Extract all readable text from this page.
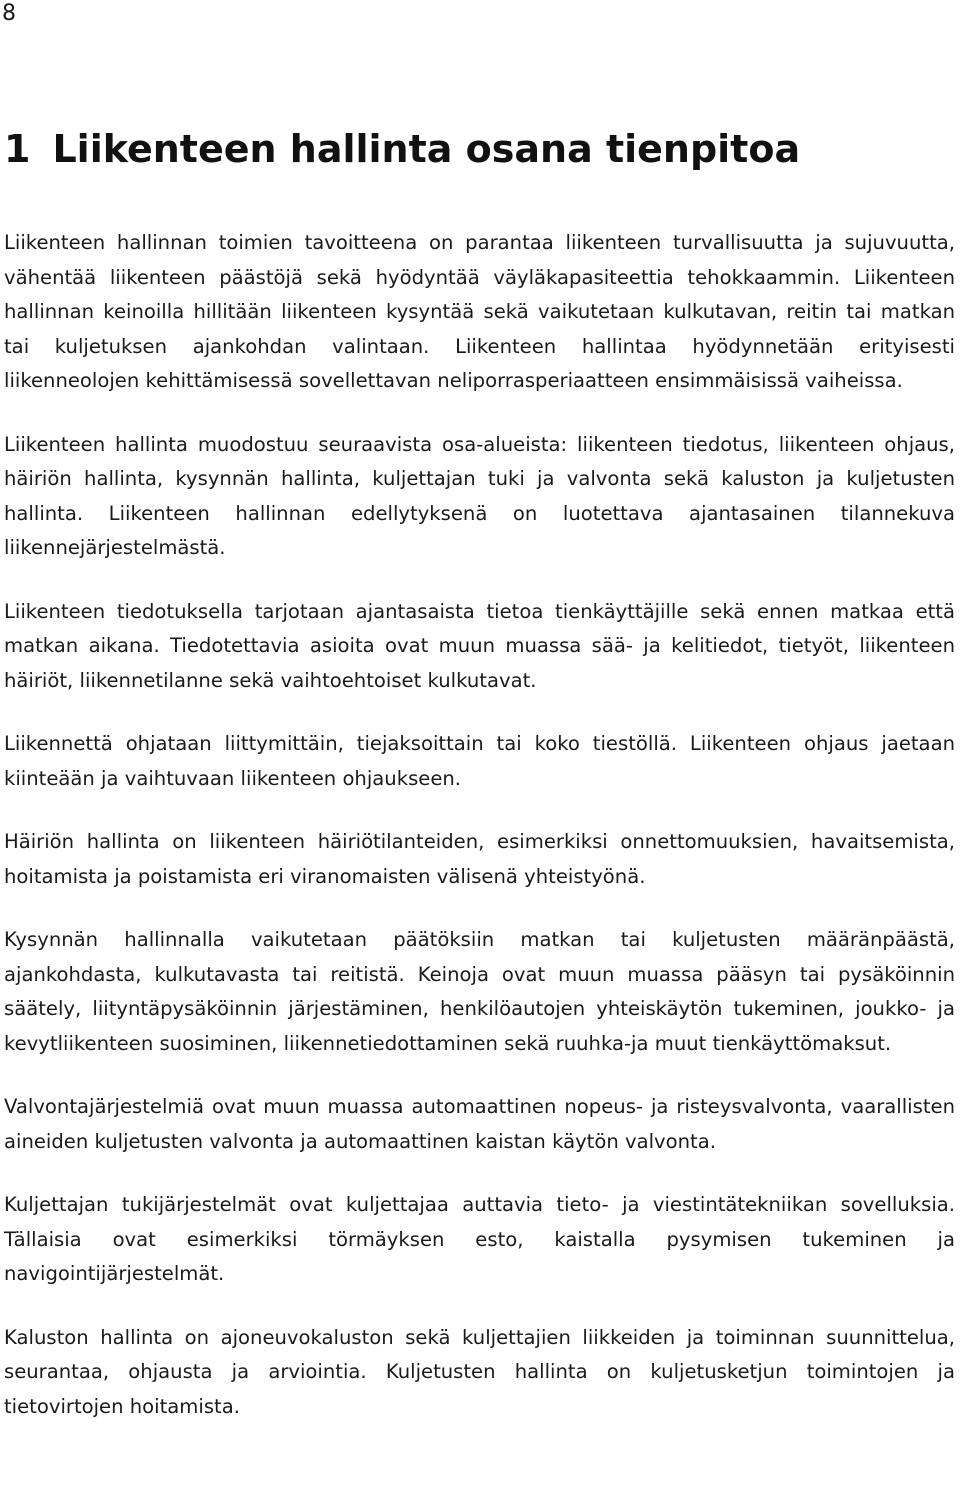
8
1 Liikenteen hallinta osana tienpitoa

Liikenteen hallinnan toimien tavoitteena on parantaa liikenteen turvallisuutta ja sujuvuutta, vähentää liikenteen päästöjä sekä hyödyntää väyläkapasiteettia tehokkaammin. Liikenteen hallinnan keinoilla hillitään liikenteen kysyntää sekä vaikutetaan kulkutavan, reitin tai matkan tai kuljetuksen ajankohdan valintaan. Liikenteen hallintaa hyödynnetään erityisesti liikenneolojen kehittämisessä sovellettavan neliporrasperiaatteen ensimmäisissä vaiheissa.

Liikenteen hallinta muodostuu seuraavista osa-alueista: liikenteen tiedotus, liikenteen ohjaus, häiriön hallinta, kysynnän hallinta, kuljettajan tuki ja valvonta sekä kaluston ja kuljetusten hallinta. Liikenteen hallinnan edellytyksenä on luotettava ajantasainen tilannekuva liikennejärjestelmästä.

Liikenteen tiedotuksella tarjotaan ajantasaista tietoa tienkäyttäjille sekä ennen matkaa että matkan aikana. Tiedotettavia asioita ovat muun muassa sää- ja kelitiedot, tietyöt, liikenteen häiriöt, liikennetilanne sekä vaihtoehtoiset kulkutavat.

Liikennettä ohjataan liittymittäin, tiejaksoittain tai koko tiestöllä. Liikenteen ohjaus jaetaan kiinteään ja vaihtuvaan liikenteen ohjaukseen.

Häiriön hallinta on liikenteen häiriötilanteiden, esimerkiksi onnettomuuksien, havaitsemista, hoitamista ja poistamista eri viranomaisten välisenä yhteistyönä.

Kysynnän hallinnalla vaikutetaan päätöksiin matkan tai kuljetusten määränpäästä, ajankohdasta, kulkutavasta tai reitistä. Keinoja ovat muun muassa pääsyn tai pysäköinnin säätely, liityntäpysäköinnin järjestäminen, henkilöautojen yhteiskäytön tukeminen, joukko- ja kevytliikenteen suosiminen, liikennetiedottaminen sekä ruuhka-ja muut tienkäyttömaksut.

Valvontajärjestelmiä ovat muun muassa automaattinen nopeus- ja risteysvalvonta, vaarallisten aineiden kuljetusten valvonta ja automaattinen kaistan käytön valvonta.

Kuljettajan tukijärjestelmät ovat kuljettajaa auttavia tieto- ja viestintätekniikan sovelluksia. Tällaisia ovat esimerkiksi törmäyksen esto, kaistalla pysymisen tukeminen ja navigointijärjestelmät.

Kaluston hallinta on ajoneuvokaluston sekä kuljettajien liikkeiden ja toiminnan suunnittelua, seurantaa, ohjausta ja arviointia. Kuljetusten hallinta on kuljetusketjun toimintojen ja tietovirtojen hoitamista.
